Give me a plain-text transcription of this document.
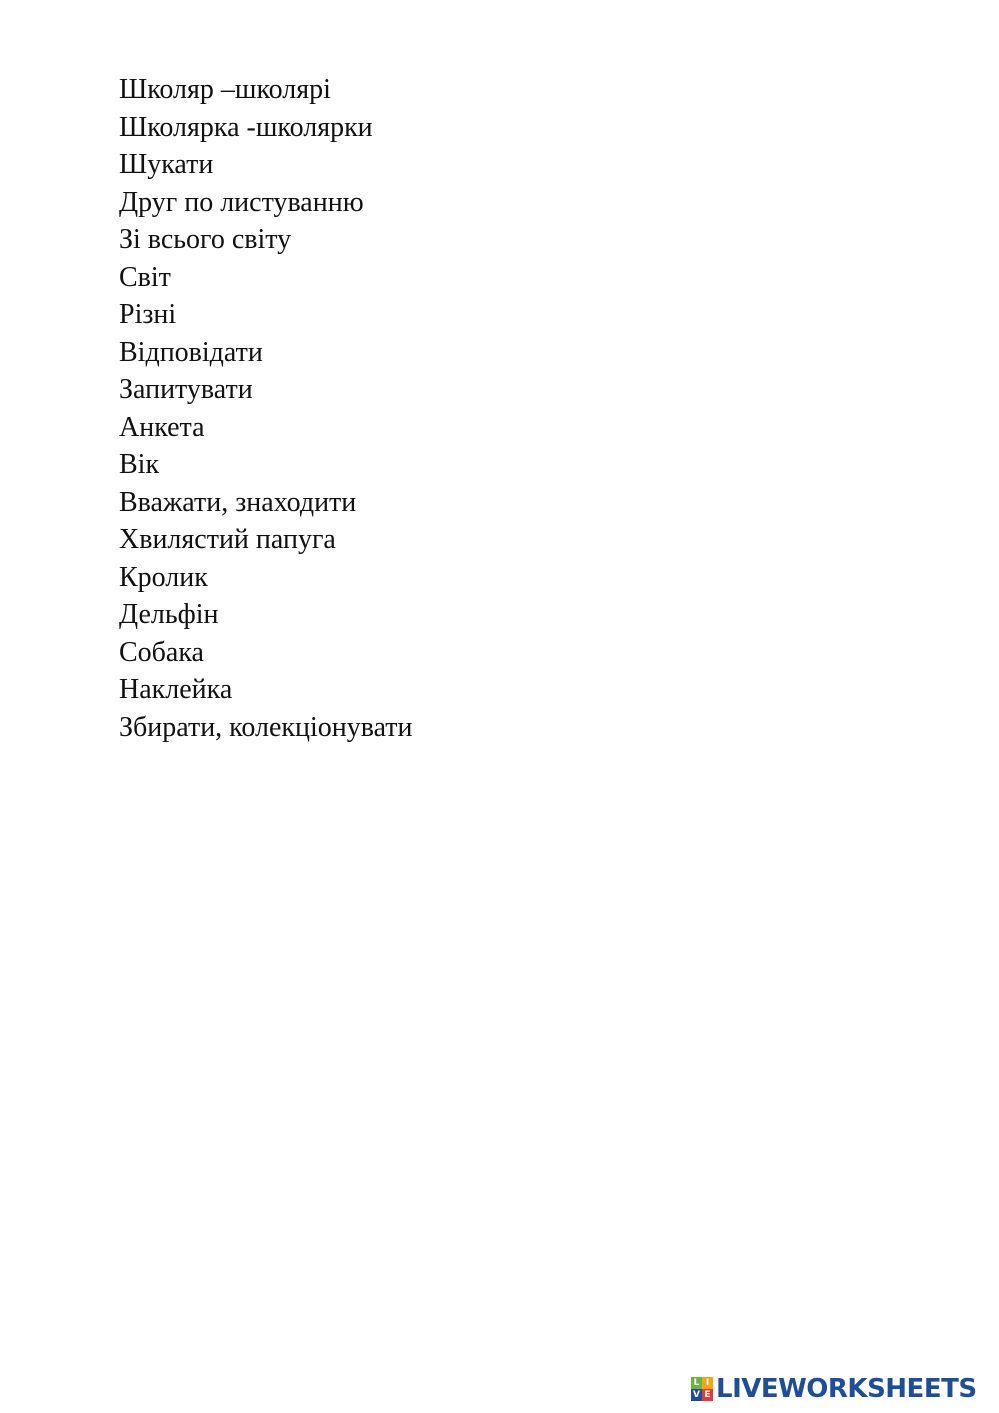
Школяр –школярі
Школярка -школярки
Шукати
Друг по листуванню
Зі всього світу
Світ
Різні
Відповідати
Запитувати
Анкета
Вік
Вважати, знаходити
Хвилястий папуга
Кролик
Дельфін
Собака
Наклейка
Збирати, колекціонувати
L I
V E LIVEWORKSHEETS
